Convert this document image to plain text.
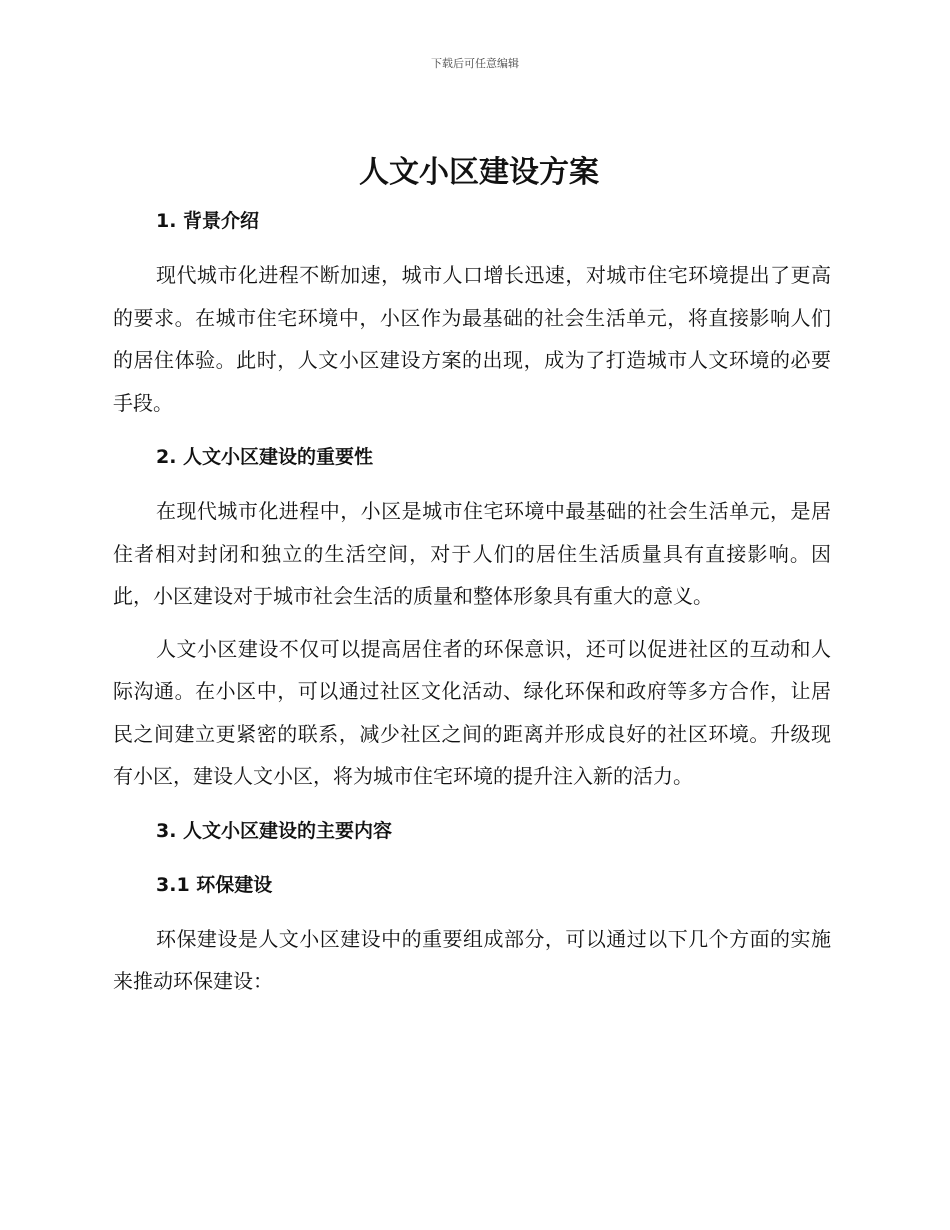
下载后可任意编辑
人文小区建设方案
1. 背景介绍

现代城市化进程不断加速，城市人口增长迅速，对城市住宅环境提出了更高的要求。在城市住宅环境中，小区作为最基础的社会生活单元，将直接影响人们的居住体验。此时，人文小区建设方案的出现，成为了打造城市人文环境的必要手段。

2. 人文小区建设的重要性

在现代城市化进程中，小区是城市住宅环境中最基础的社会生活单元，是居住者相对封闭和独立的生活空间，对于人们的居住生活质量具有直接影响。因此，小区建设对于城市社会生活的质量和整体形象具有重大的意义。

人文小区建设不仅可以提高居住者的环保意识，还可以促进社区的互动和人际沟通。在小区中，可以通过社区文化活动、绿化环保和政府等多方合作，让居民之间建立更紧密的联系，减少社区之间的距离并形成良好的社区环境。升级现有小区，建设人文小区，将为城市住宅环境的提升注入新的活力。

3. 人文小区建设的主要内容
3.1 环保建设

环保建设是人文小区建设中的重要组成部分，可以通过以下几个方面的实施来推动环保建设：
